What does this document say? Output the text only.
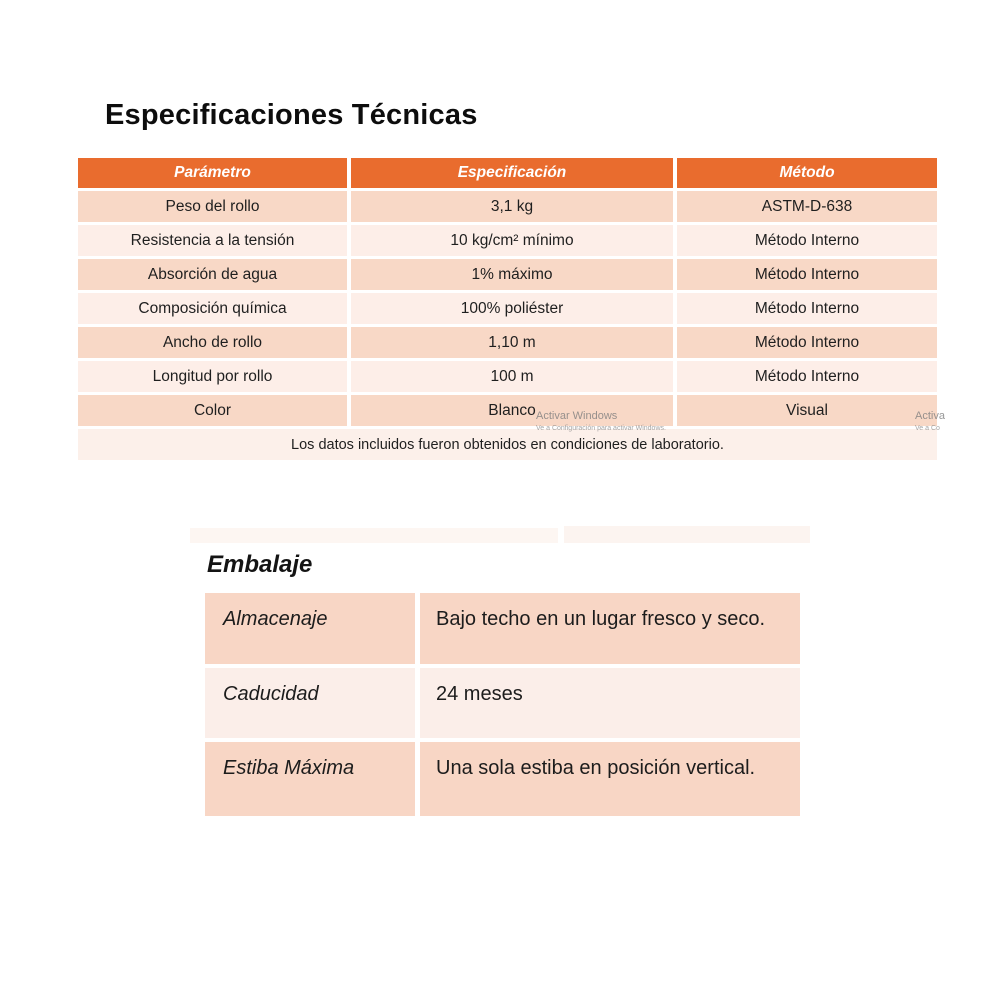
Especificaciones Técnicas
Parámetro	Especificación	Método
Peso del rollo	3,1 kg	ASTM-D-638
Resistencia a la tensión	10 kg/cm² mínimo	Método Interno
Absorción de agua	1% máximo	Método Interno
Composición química	100% poliéster	Método Interno
Ancho de rollo	1,10 m	Método Interno
Longitud por rollo	100 m	Método Interno
Color	Blanco	Visual
Los datos incluidos fueron obtenidos en condiciones de laboratorio.
Activar Windows
Ve a Configuración para activar Windows.
Activa
Ve a Co
Embalaje
Almacenaje	Bajo techo en un lugar fresco y seco.
Caducidad	24 meses
Estiba Máxima	Una sola estiba en posición vertical.
